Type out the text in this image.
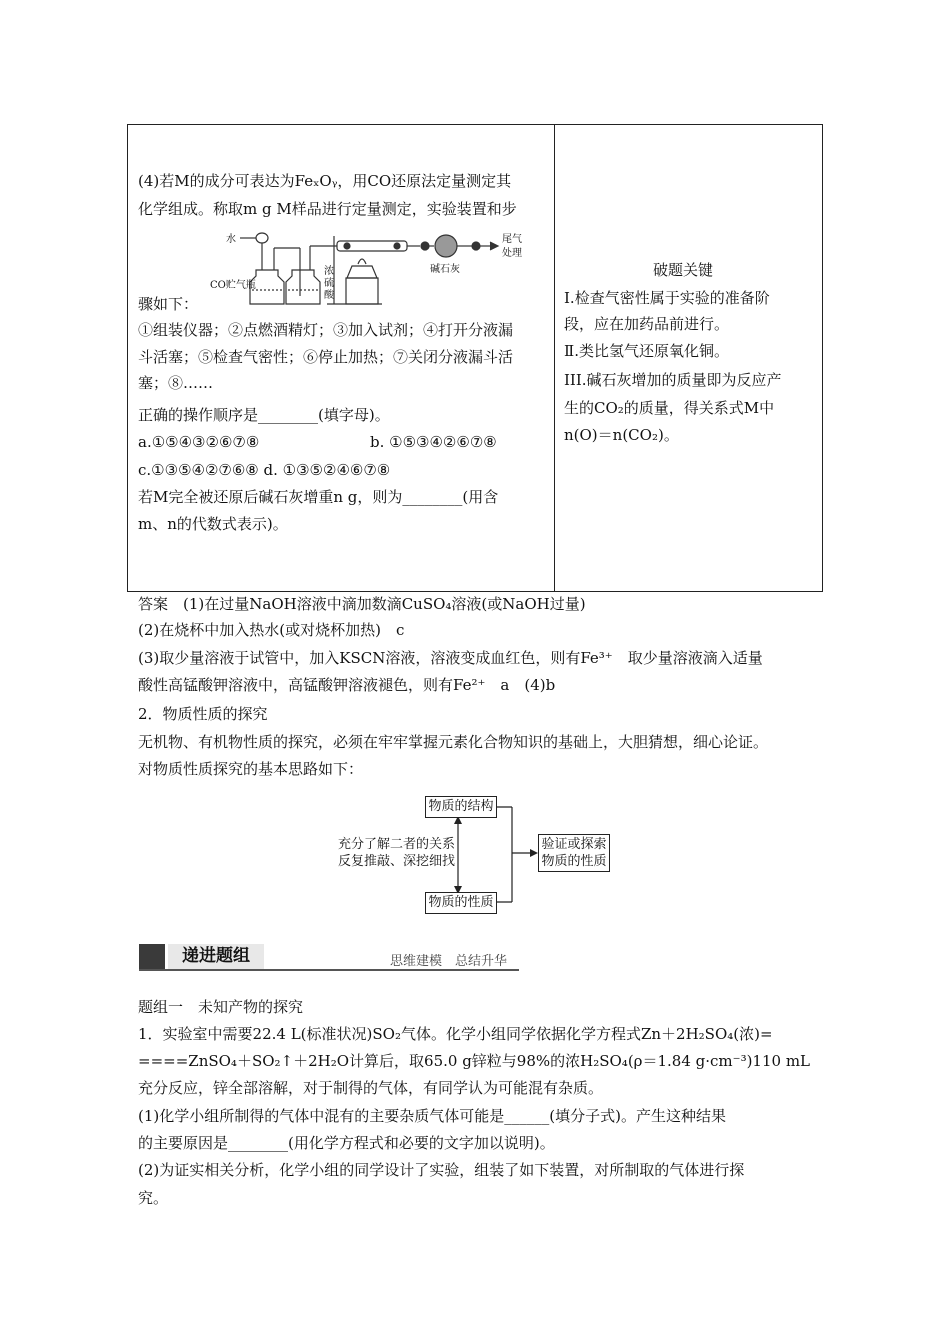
(4)若M的成分可表达为FeₓOᵧ，用CO还原法定量测定其
化学组成。称取m g M样品进行定量测定，实验装置和步
水
CO贮气瓶
浓
硫
酸
碱石灰
尾气
处理
骤如下：
①组装仪器；②点燃酒精灯；③加入试剂；④打开分液漏
斗活塞；⑤检查气密性；⑥停止加热；⑦关闭分液漏斗活
塞；⑧……
正确的操作顺序是________(填字母)。
a.①⑤④③②⑥⑦⑧	b. ①⑤③④②⑥⑦⑧
c.①③⑤④②⑦⑥⑧ d. ①③⑤②④⑥⑦⑧
若M完全被还原后碱石灰增重n g，则为________(用含
m、n的代数式表示)。
破题关键
Ⅰ.检查气密性属于实验的准备阶
段，应在加药品前进行。
Ⅱ.类比氢气还原氧化铜。
III.碱石灰增加的质量即为反应产
生的CO₂的质量，得关系式M中
n(O)＝n(CO₂)。
答案　(1)在过量NaOH溶液中滴加数滴CuSO₄溶液(或NaOH过量)
(2)在烧杯中加入热水(或对烧杯加热)　c
(3)取少量溶液于试管中，加入KSCN溶液，溶液变成血红色，则有Fe³⁺　取少量溶液滴入适量
酸性高锰酸钾溶液中，高锰酸钾溶液褪色，则有Fe²⁺　a　(4)b
2．物质性质的探究
无机物、有机物性质的探究，必须在牢牢掌握元素化合物知识的基础上，大胆猜想，细心论证。
对物质性质探究的基本思路如下：
物质的结构
物质的性质
充分了解二者的关系
反复推敲、深挖细找
验证或探索
物质的性质
递进题组	思维建模　总结升华
题组一　未知产物的探究
1．实验室中需要22.4 L(标准状况)SO₂气体。化学小组同学依据化学方程式Zn＋2H₂SO₄(浓)=
====ZnSO₄＋SO₂↑＋2H₂O计算后，取65.0 g锌粒与98%的浓H₂SO₄(ρ＝1.84 g·cm⁻³)110 mL
充分反应，锌全部溶解，对于制得的气体，有同学认为可能混有杂质。
(1)化学小组所制得的气体中混有的主要杂质气体可能是______(填分子式)。产生这种结果
的主要原因是________(用化学方程式和必要的文字加以说明)。
(2)为证实相关分析，化学小组的同学设计了实验，组装了如下装置，对所制取的气体进行探
究。
